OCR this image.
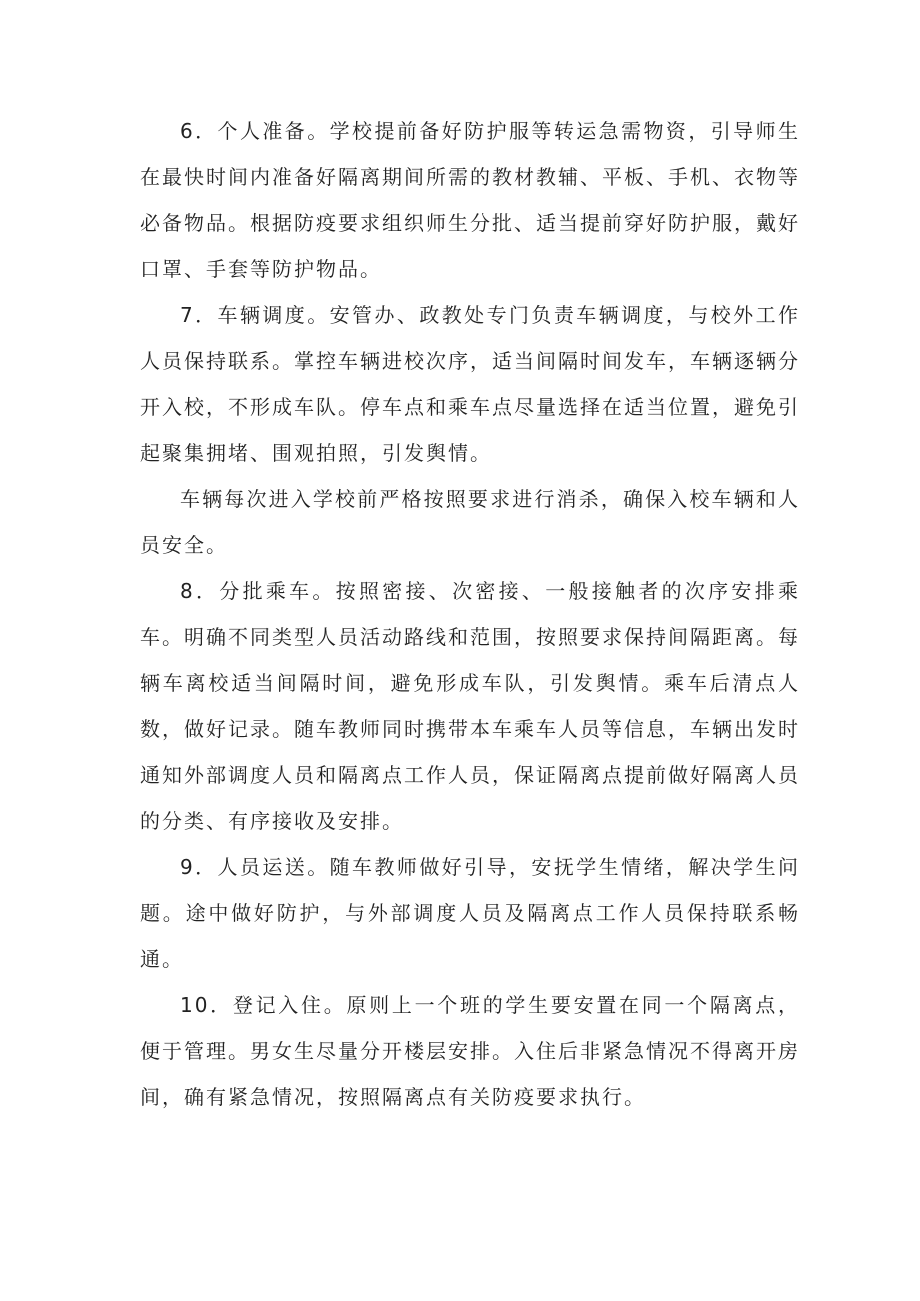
6．个人准备。学校提前备好防护服等转运急需物资，引导师生在最快时间内准备好隔离期间所需的教材教辅、平板、手机、衣物等必备物品。根据防疫要求组织师生分批、适当提前穿好防护服，戴好口罩、手套等防护物品。

7．车辆调度。安管办、政教处专门负责车辆调度，与校外工作人员保持联系。掌控车辆进校次序，适当间隔时间发车，车辆逐辆分开入校，不形成车队。停车点和乘车点尽量选择在适当位置，避免引起聚集拥堵、围观拍照，引发舆情。

车辆每次进入学校前严格按照要求进行消杀，确保入校车辆和人员安全。

8．分批乘车。按照密接、次密接、一般接触者的次序安排乘车。明确不同类型人员活动路线和范围，按照要求保持间隔距离。每辆车离校适当间隔时间，避免形成车队，引发舆情。乘车后清点人数，做好记录。随车教师同时携带本车乘车人员等信息，车辆出发时通知外部调度人员和隔离点工作人员，保证隔离点提前做好隔离人员的分类、有序接收及安排。

9．人员运送。随车教师做好引导，安抚学生情绪，解决学生问题。途中做好防护，与外部调度人员及隔离点工作人员保持联系畅通。

10．登记入住。原则上一个班的学生要安置在同一个隔离点，便于管理。男女生尽量分开楼层安排。入住后非紧急情况不得离开房间，确有紧急情况，按照隔离点有关防疫要求执行。
